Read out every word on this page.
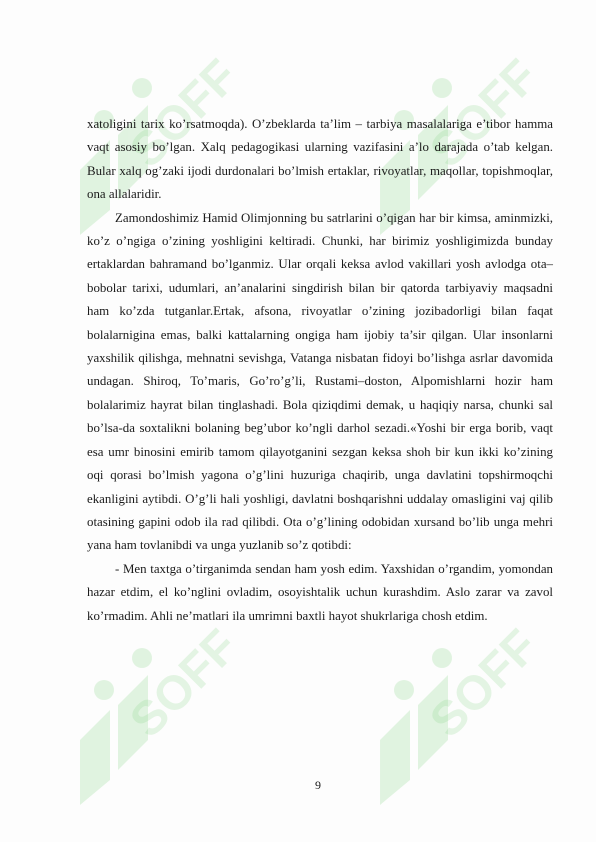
SOFF	SOFF
SOFF	SOFF

xatoligini tarix ko’rsatmoqda). O’zbeklarda ta’lim – tarbiya masalalariga e’tibor hamma vaqt asosiy bo’lgan. Xalq pedagogikasi ularning vazifasini a’lo darajada o’tab kelgan. Bular xalq og’zaki ijodi durdonalari bo’lmish ertaklar, rivoyatlar, maqollar, topishmoqlar, ona allalaridir.

Zamondoshimiz Hamid Olimjonning bu satrlarini o’qigan har bir kimsa, aminmizki, ko’z o’ngiga o’zining yoshligini keltiradi. Chunki, har birimiz yoshligimizda bunday ertaklardan bahramand bo’lganmiz. Ular orqali keksa avlod vakillari yosh avlodga ota–bobolar tarixi, udumlari, an’analarini singdirish bilan bir qatorda tarbiyaviy maqsadni ham ko’zda tutganlar.Ertak, afsona, rivoyatlar o’zining jozibadorligi bilan faqat bolalarnigina emas, balki kattalarning ongiga ham ijobiy ta’sir qilgan. Ular insonlarni yaxshilik qilishga, mehnatni sevishga, Vatanga nisbatan fidoyi bo’lishga asrlar davomida undagan. Shiroq, To’maris, Go’ro’g’li, Rustami–doston, Alpomishlarni hozir ham bolalarimiz hayrat bilan tinglashadi. Bola qiziqdimi demak, u haqiqiy narsa, chunki sal bo’lsa-da soxtalikni bolaning beg’ubor ko’ngli darhol sezadi.«Yoshi bir erga borib, vaqt esa umr binosini emirib tamom qilayotganini sezgan keksa shoh bir kun ikki ko’zining oqi qorasi bo’lmish yagona o’g’lini huzuriga chaqirib, unga davlatini topshirmoqchi ekanligini aytibdi. O’g’li hali yoshligi, davlatni boshqarishni uddalay omasligini vaj qilib otasining gapini odob ila rad qilibdi. Ota o’g’lining odobidan xursand bo’lib unga mehri yana ham tovlanibdi va unga yuzlanib so’z qotibdi:

- Men taxtga o’tirganimda sendan ham yosh edim. Yaxshidan o’rgandim, yomondan hazar etdim, el ko’nglini ovladim, osoyishtalik uchun kurashdim. Aslo zarar va zavol ko’rmadim. Ahli ne’matlari ila umrimni baxtli hayot shukrlariga chosh etdim.

9
